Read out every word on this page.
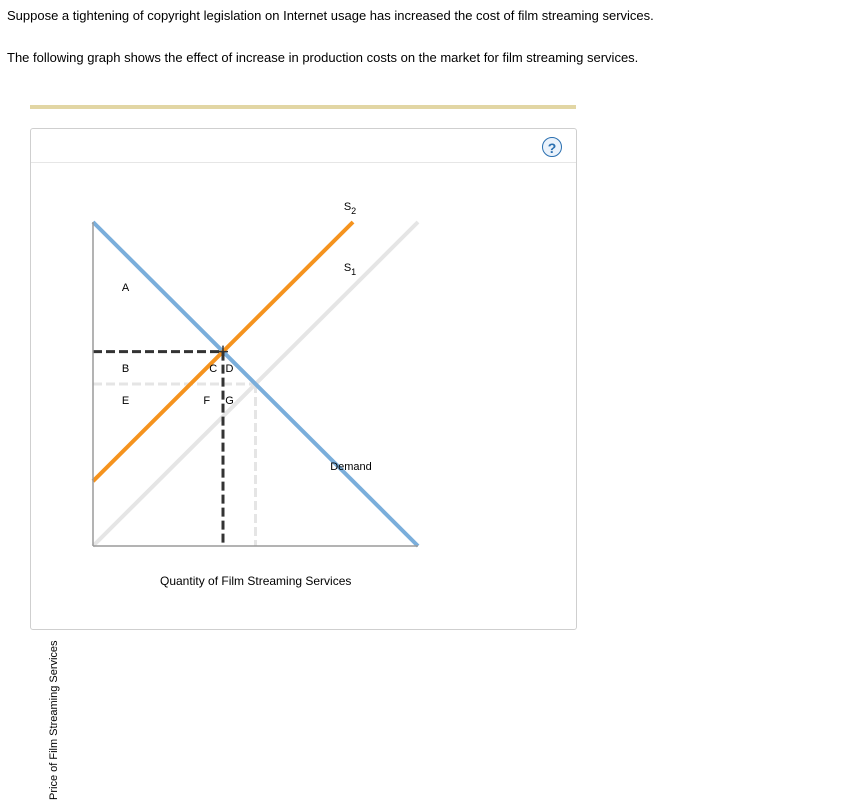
Suppose a tightening of copyright legislation on Internet usage has increased the cost of film streaming services.
The following graph shows the effect of increase in production costs on the market for film streaming services.
?
A
B	C D
E	F G
$S_2$
$S_1$
Demand
Price of Film Streaming Services
Quantity of Film Streaming Services
